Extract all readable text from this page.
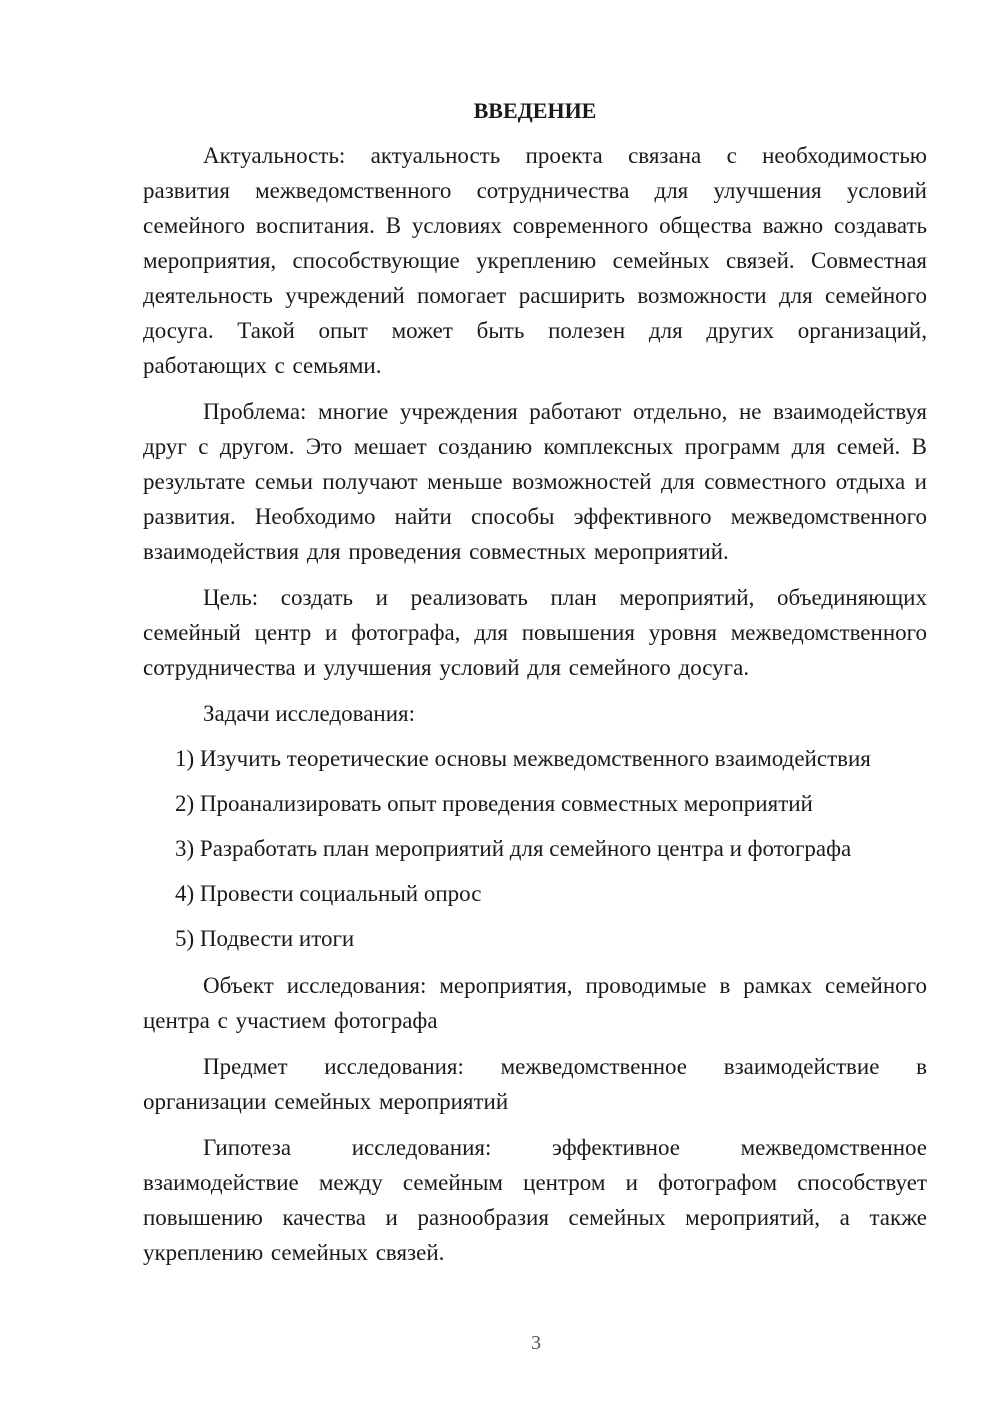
ВВЕДЕНИЕ

Актуальность: актуальность проекта связана с необходимостью развития межведомственного сотрудничества для улучшения условий семейного воспитания. В условиях современного общества важно создавать мероприятия, способствующие укреплению семейных связей. Совместная деятельность учреждений помогает расширить возможности для семейного досуга. Такой опыт может быть полезен для других организаций, работающих с семьями.

Проблема: многие учреждения работают отдельно, не взаимодействуя друг с другом. Это мешает созданию комплексных программ для семей. В результате семьи получают меньше возможностей для совместного отдыха и развития. Необходимо найти способы эффективного межведомственного взаимодействия для проведения совместных мероприятий.

Цель: создать и реализовать план мероприятий, объединяющих семейный центр и фотографа, для повышения уровня межведомственного сотрудничества и улучшения условий для семейного досуга.

Задачи исследования:

1) Изучить теоретические основы межведомственного взаимодействия
2) Проанализировать опыт проведения совместных мероприятий
3) Разработать план мероприятий для семейного центра и фотографа
4) Провести социальный опрос
5) Подвести итоги

Объект исследования: мероприятия, проводимые в рамках семейного центра с участием фотографа

Предмет исследования: межведомственное взаимодействие в организации семейных мероприятий

Гипотеза исследования: эффективное межведомственное взаимодействие между семейным центром и фотографом способствует повышению качества и разнообразия семейных мероприятий, а также укреплению семейных связей.

3
